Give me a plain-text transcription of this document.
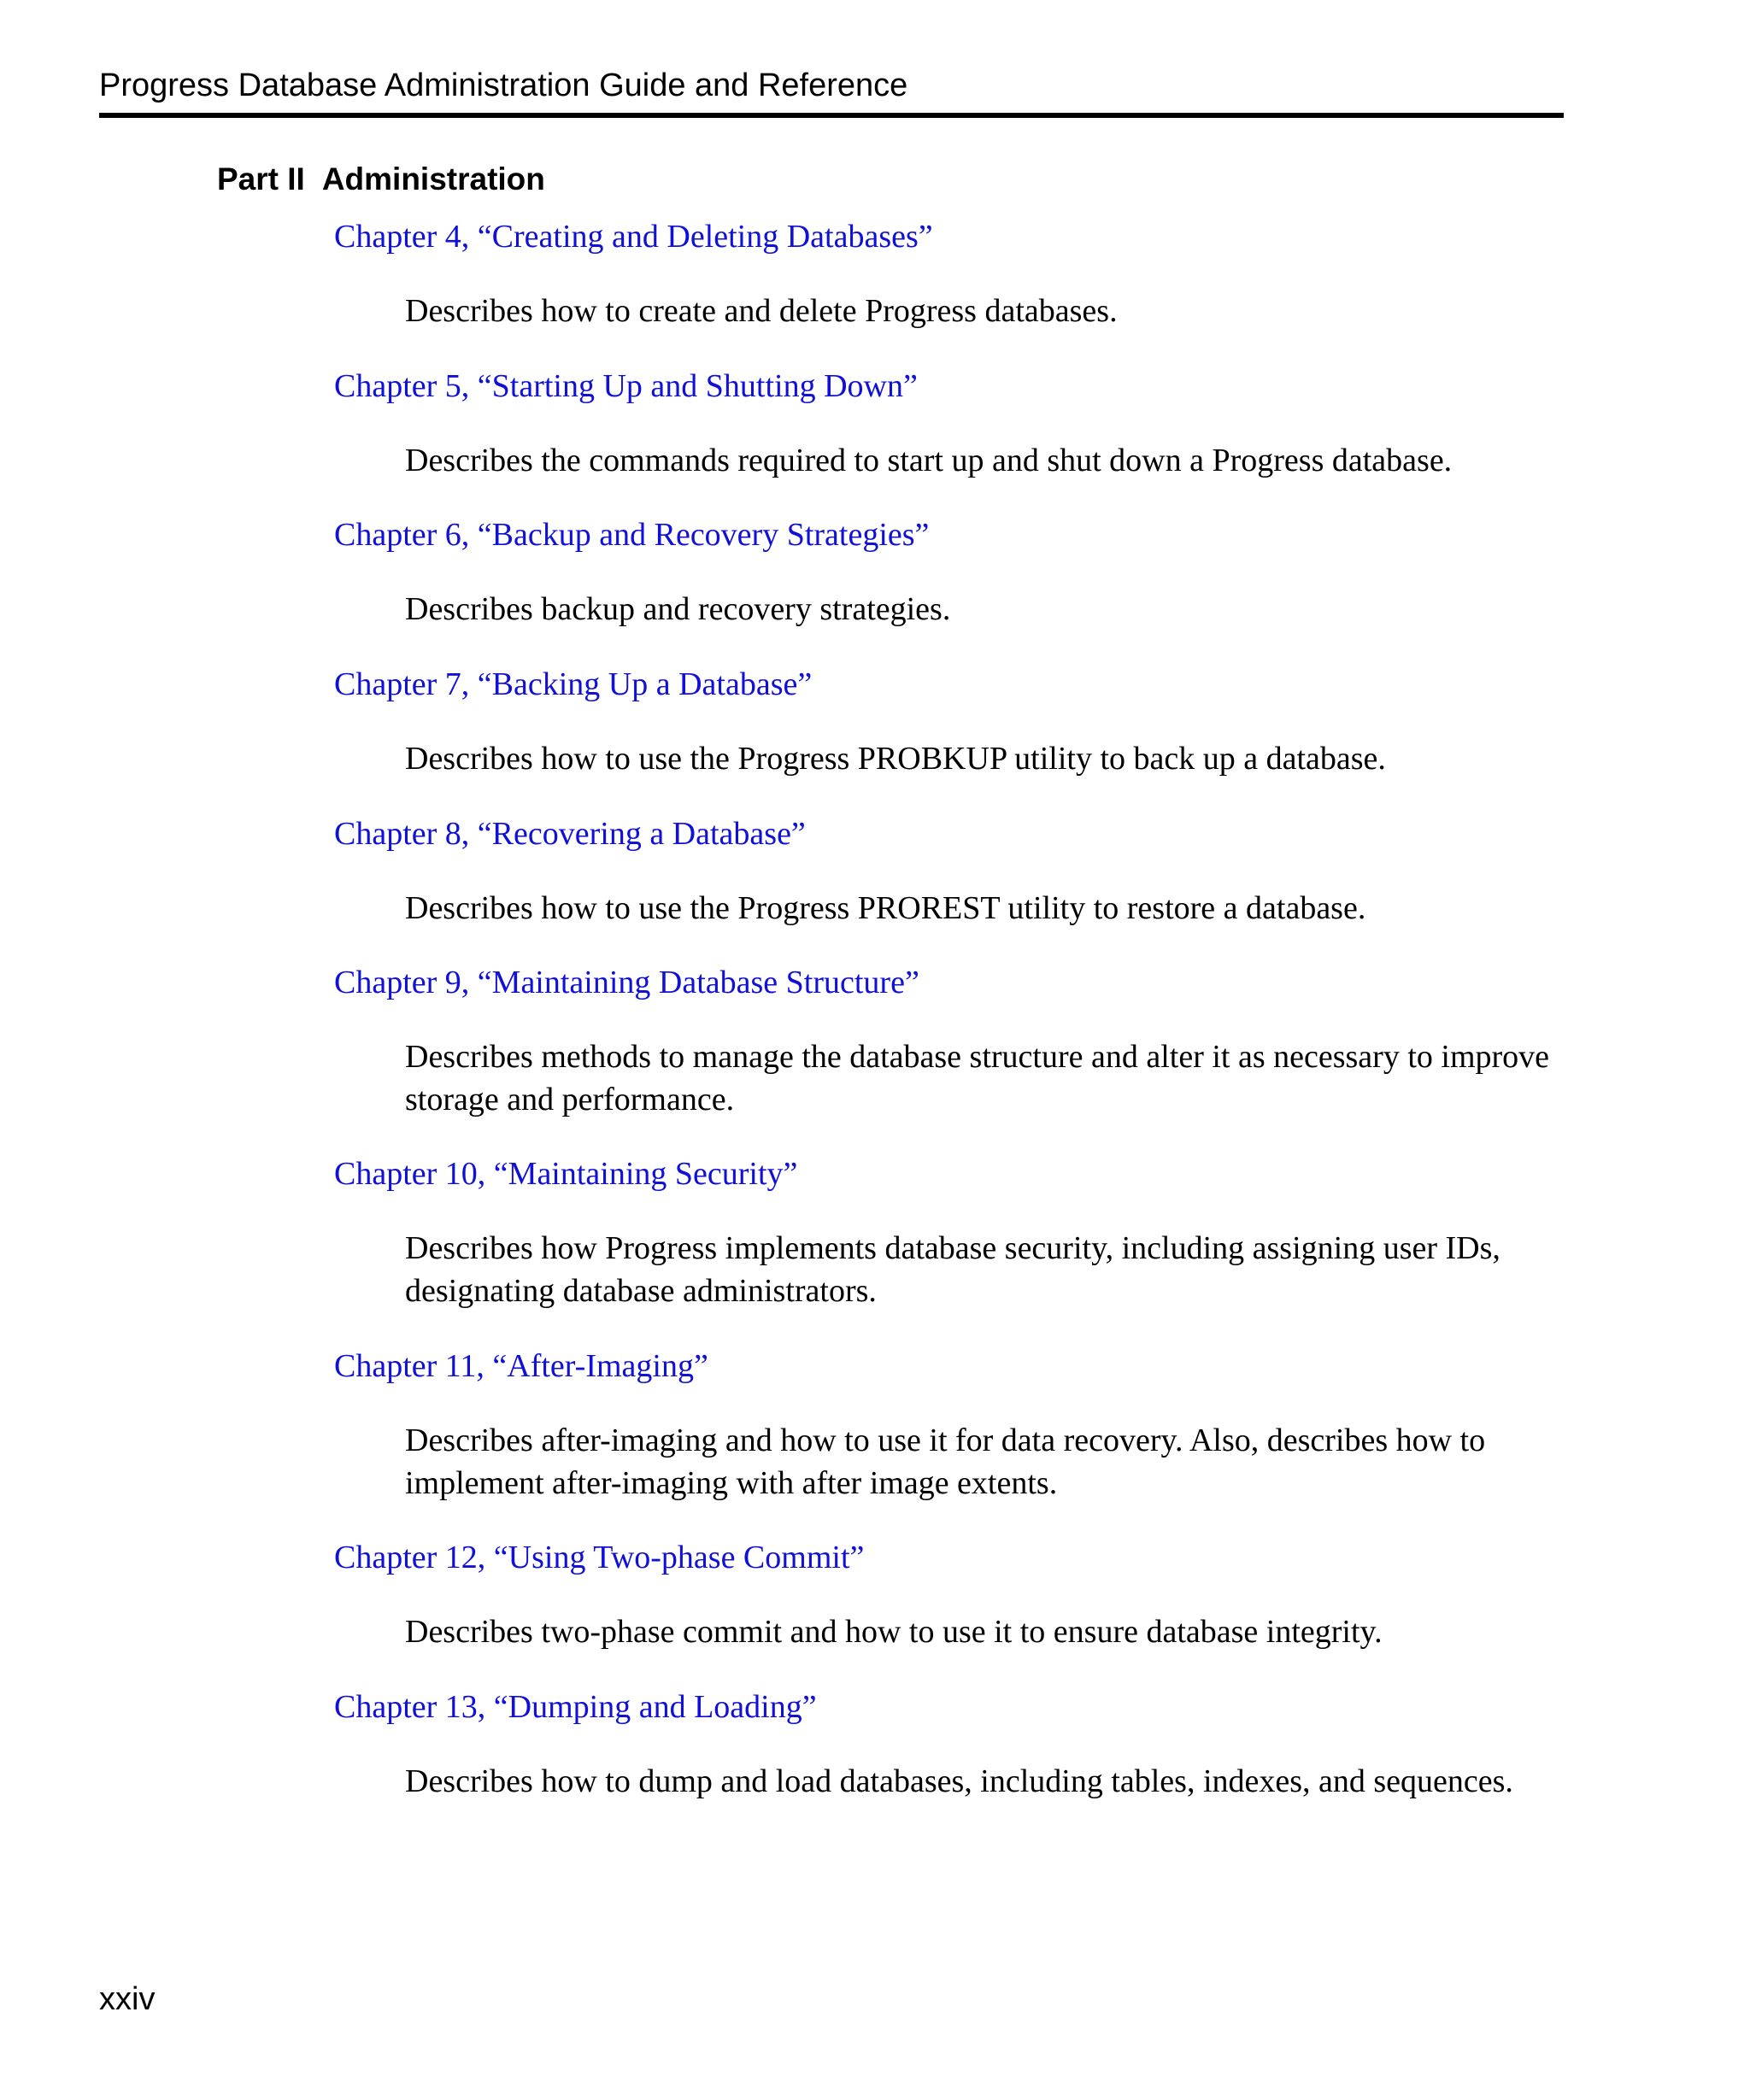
Progress Database Administration Guide and Reference
Part II Administration
Chapter 4, “Creating and Deleting Databases”
Describes how to create and delete Progress databases.
Chapter 5, “Starting Up and Shutting Down”
Describes the commands required to start up and shut down a Progress database.
Chapter 6, “Backup and Recovery Strategies”
Describes backup and recovery strategies.
Chapter 7, “Backing Up a Database”
Describes how to use the Progress PROBKUP utility to back up a database.
Chapter 8, “Recovering a Database”
Describes how to use the Progress PROREST utility to restore a database.
Chapter 9, “Maintaining Database Structure”
Describes methods to manage the database structure and alter it as necessary to improve storage and performance.
Chapter 10, “Maintaining Security”
Describes how Progress implements database security, including assigning user IDs, designating database administrators.
Chapter 11, “After-Imaging”
Describes after-imaging and how to use it for data recovery. Also, describes how to implement after-imaging with after image extents.
Chapter 12, “Using Two-phase Commit”
Describes two-phase commit and how to use it to ensure database integrity.
Chapter 13, “Dumping and Loading”
Describes how to dump and load databases, including tables, indexes, and sequences.
xxiv
